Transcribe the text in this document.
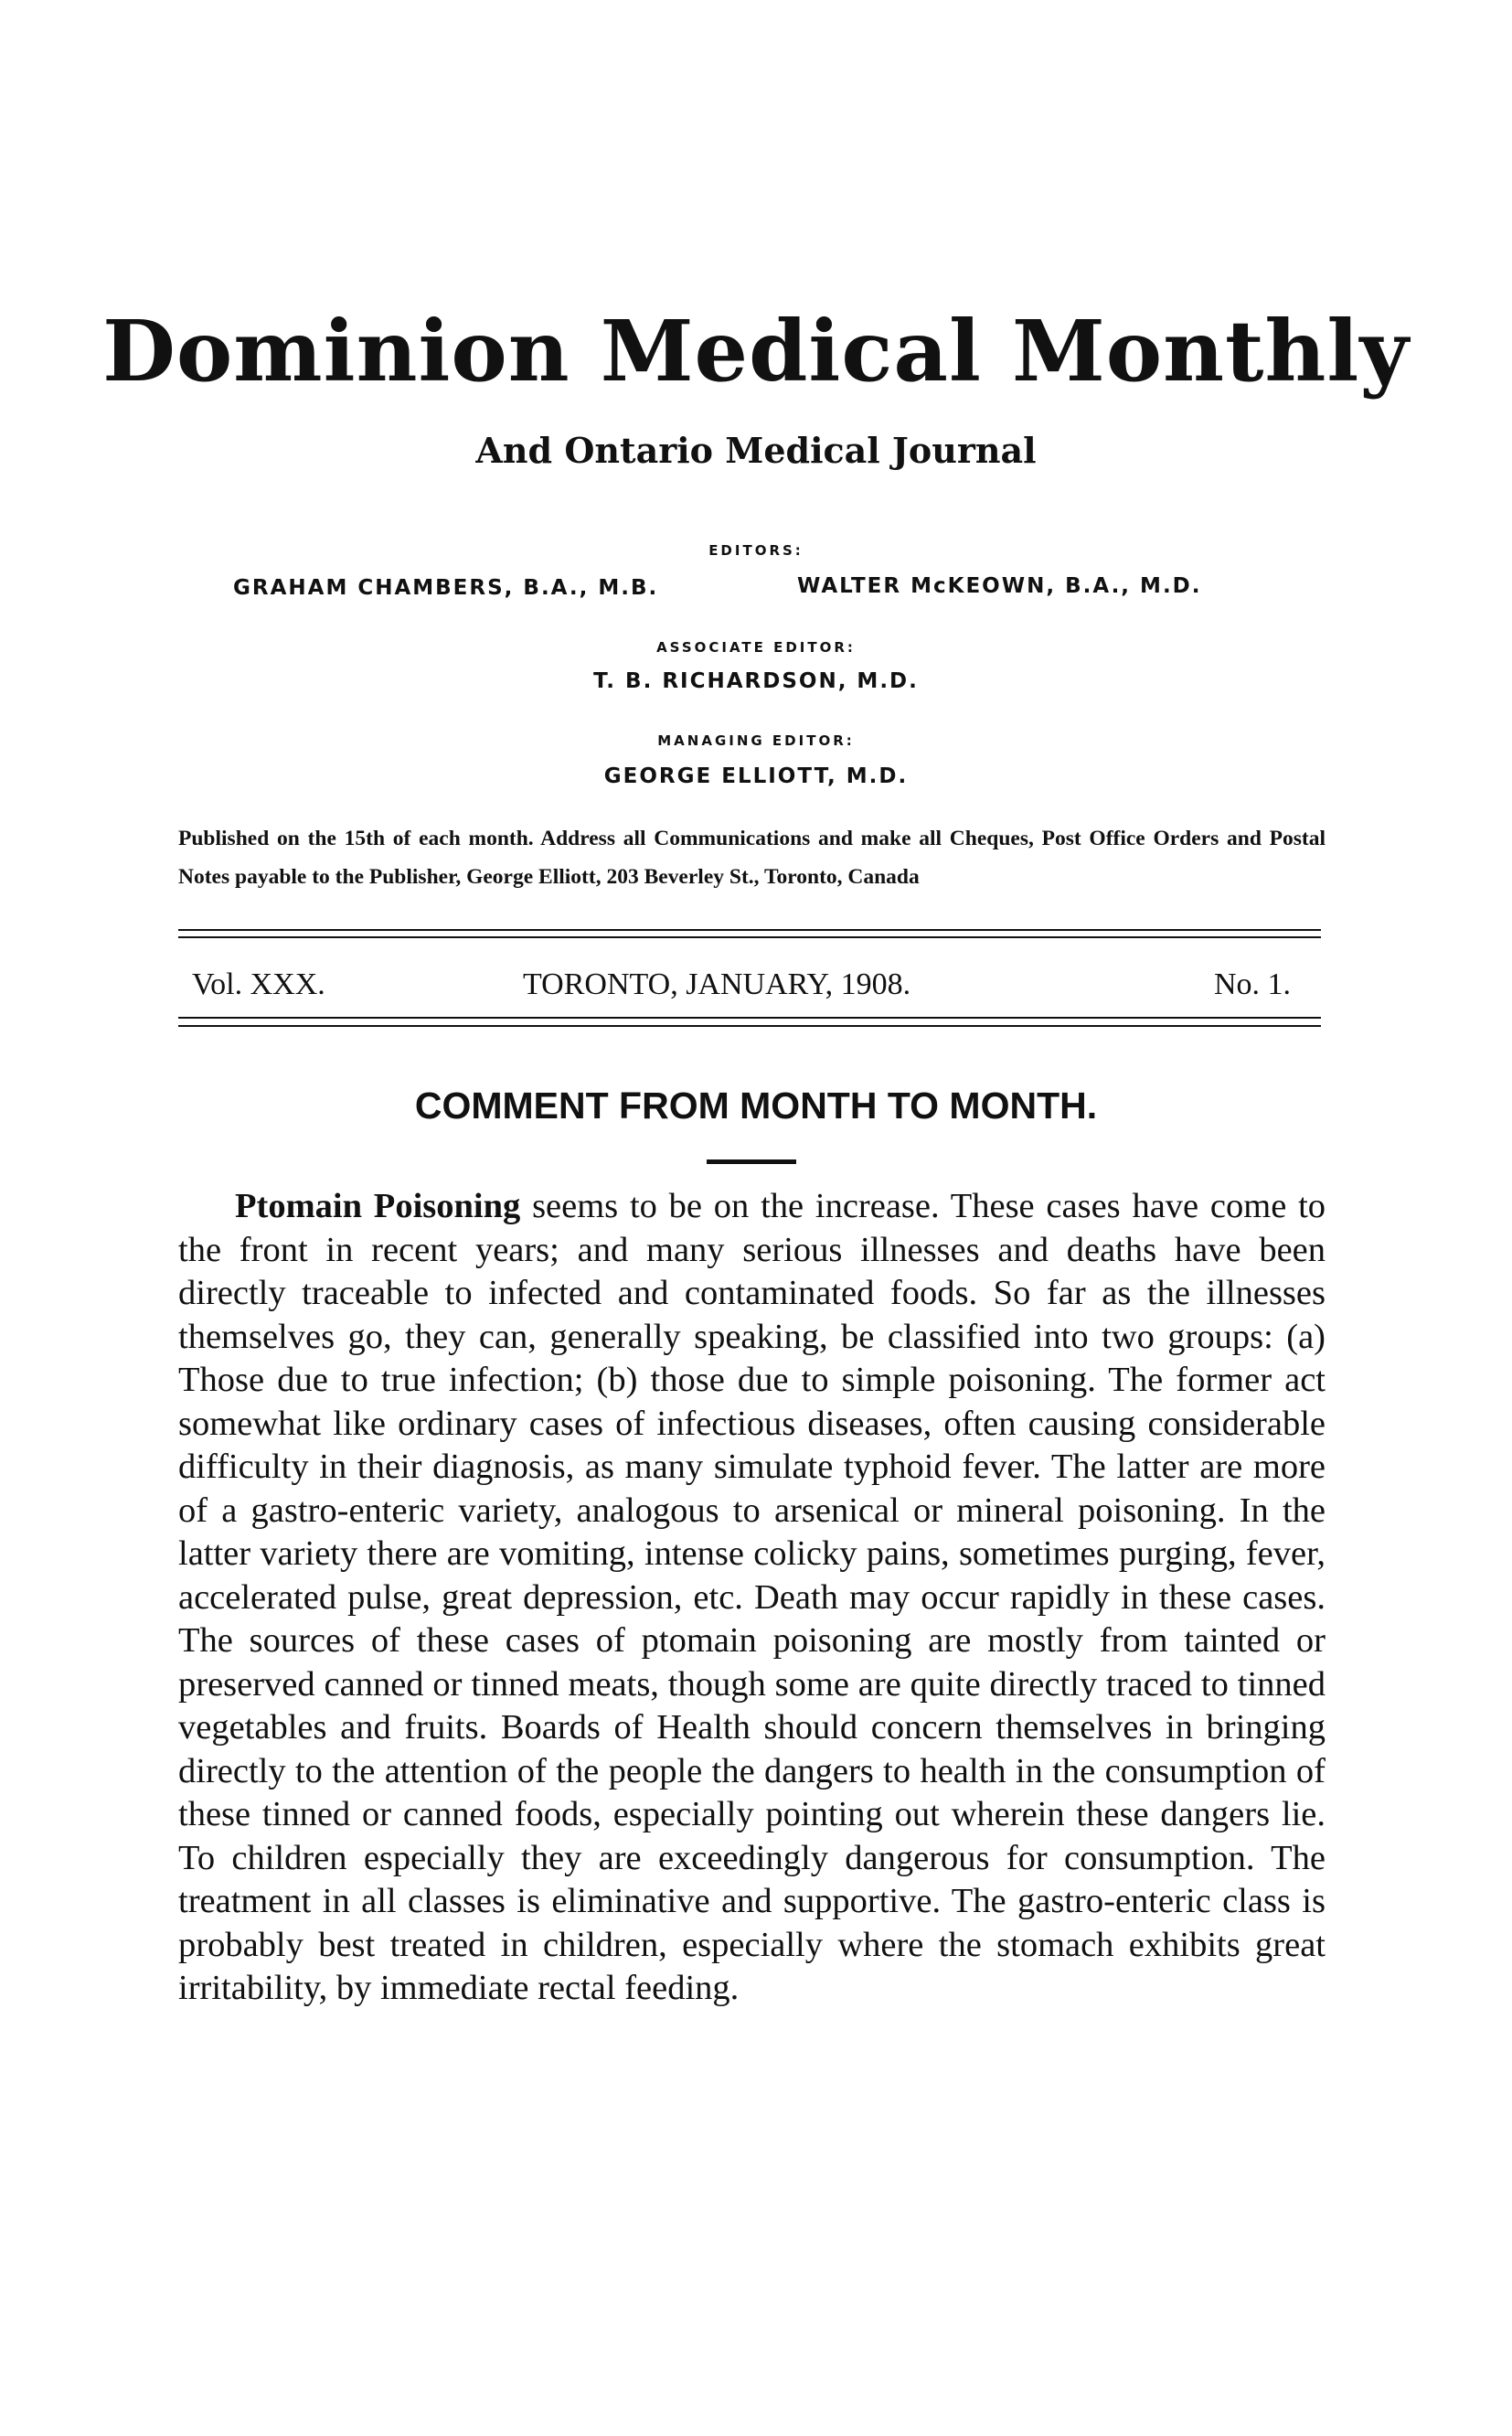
Dominion Medical Monthly
And Ontario Medical Journal
EDITORS:
GRAHAM CHAMBERS, B.A., M.B.	WALTER McKEOWN, B.A., M.D.
ASSOCIATE EDITOR:
T. B. RICHARDSON, M.D.
MANAGING EDITOR:
GEORGE ELLIOTT, M.D.
Published on the 15th of each month. Address all Communications and make all Cheques, Post Office Orders and Postal Notes payable to the Publisher, George Elliott, 203 Beverley St., Toronto, Canada
Vol. XXX.	TORONTO, JANUARY, 1908.	No. 1.
COMMENT FROM MONTH TO MONTH.

Ptomain Poisoning seems to be on the increase. These cases have come to the front in recent years; and many serious illnesses and deaths have been directly traceable to infected and contaminated foods. So far as the illnesses themselves go, they can, generally speaking, be classified into two groups: (a) Those due to true infection; (b) those due to simple poisoning. The former act somewhat like ordinary cases of infectious diseases, often causing considerable difficulty in their diagnosis, as many simulate typhoid fever. The latter are more of a gastro-enteric variety, analogous to arsenical or mineral poisoning. In the latter variety there are vomiting, intense colicky pains, sometimes purging, fever, accelerated pulse, great depression, etc. Death may occur rapidly in these cases. The sources of these cases of ptomain poisoning are mostly from tainted or preserved canned or tinned meats, though some are quite directly traced to tinned vegetables and fruits. Boards of Health should concern themselves in bringing directly to the attention of the people the dangers to health in the consumption of these tinned or canned foods, especially pointing out wherein these dangers lie. To children especially they are exceedingly dangerous for consumption. The treatment in all classes is eliminative and supportive. The gastro-enteric class is probably best treated in children, especially where the stomach exhibits great irritability, by immediate rectal feeding.
